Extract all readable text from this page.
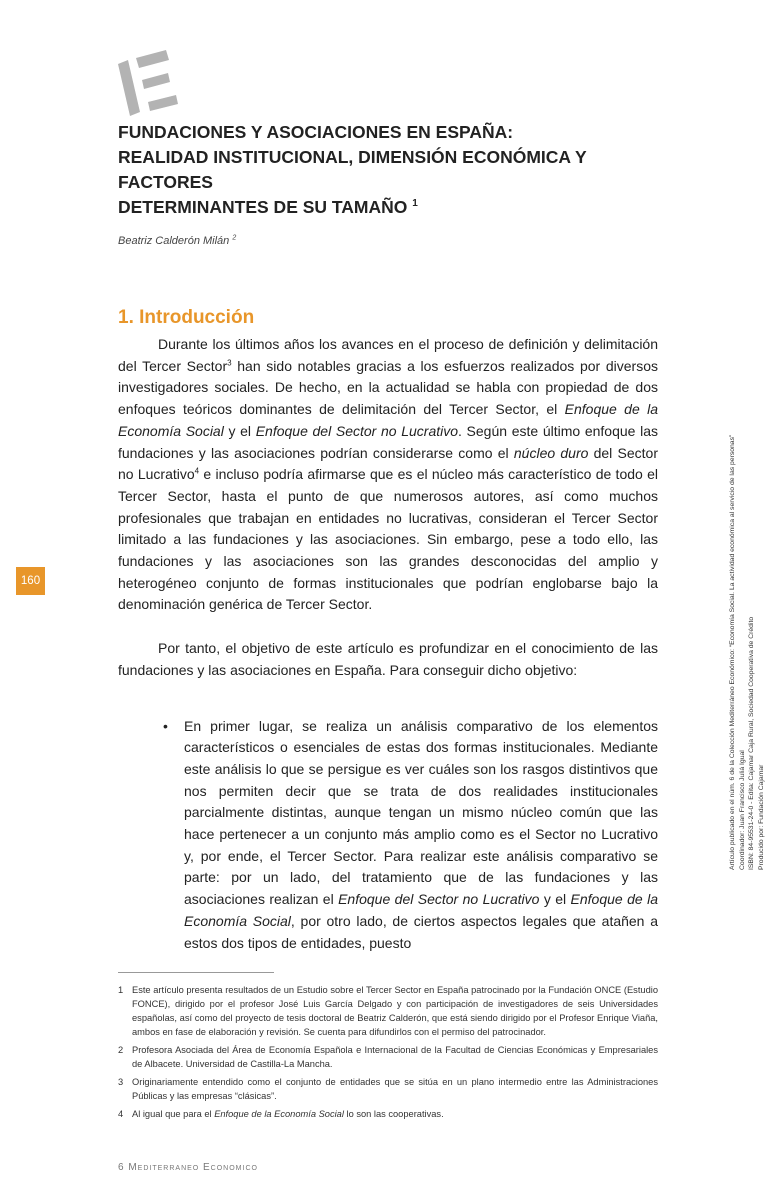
160	Artículo publicado en el núm. 6 de la Colección Mediterráneo Económico: “Economía Social. La actividad económica al servicio de las personas” Coordinador: Juan Francisco Juliá Igual ISBN: 84-95531-24-0 - Edita: Cajamar Caja Rural, Sociedad Cooperativa de Crédito Producido por: Fundación Cajamar
FUNDACIONES Y ASOCIACIONES EN ESPAÑA:
REALIDAD INSTITUCIONAL, DIMENSIÓN ECONÓMICA Y FACTORES
DETERMINANTES DE SU TAMAÑO $^1$
Beatriz Calderón Milán $^2$
1. Introducción
Durante los últimos años los avances en el proceso de definición y delimitación del Tercer Sector$^3$ han sido notables gracias a los esfuerzos realizados por diversos investigadores sociales. De hecho, en la actualidad se habla con propiedad de dos enfoques teóricos dominantes de delimitación del Tercer Sector, el Enfoque de la Economía Social y el Enfoque del Sector no Lucrativo. Según este último enfoque las fundaciones y las asociaciones podrían considerarse como el núcleo duro del Sector no Lucrativo$^4$ e incluso podría afirmarse que es el núcleo más característico de todo el Tercer Sector, hasta el punto de que numerosos autores, así como muchos profesionales que trabajan en entidades no lucrativas, consideran el Tercer Sector limitado a las fundaciones y las asociaciones. Sin embargo, pese a todo ello, las fundaciones y las asociaciones son las grandes desconocidas del amplio y heterogéneo conjunto de formas institucionales que podrían englobarse bajo la denominación genérica de Tercer Sector.
Por tanto, el objetivo de este artículo es profundizar en el conocimiento de las fundaciones y las asociaciones en España. Para conseguir dicho objetivo:
•	En primer lugar, se realiza un análisis comparativo de los elementos característicos o esenciales de estas dos formas institucionales. Mediante este análisis lo que se persigue es ver cuáles son los rasgos distintivos que nos permiten decir que se trata de dos realidades institucionales parcialmente distintas, aunque tengan un mismo núcleo común que las hace pertenecer a un conjunto más amplio como es el Sector no Lucrativo y, por ende, el Tercer Sector. Para realizar este análisis comparativo se parte: por un lado, del tratamiento que de las fundaciones y las asociaciones realizan el Enfoque del Sector no Lucrativo y el Enfoque de la Economía Social, por otro lado, de ciertos aspectos legales que atañen a estos dos tipos de entidades, puesto
1 Este artículo presenta resultados de un Estudio sobre el Tercer Sector en España patrocinado por la Fundación ONCE (Estudio FONCE), dirigido por el profesor José Luis García Delgado y con participación de investigadores de seis Universidades españolas, así como del proyecto de tesis doctoral de Beatriz Calderón, que está siendo dirigido por el Profesor Enrique Viaña, ambos en fase de elaboración y revisión. Se cuenta para difundirlos con el permiso del patrocinador.
2 Profesora Asociada del Área de Economía Española e Internacional de la Facultad de Ciencias Económicas y Empresariales de Albacete. Universidad de Castilla-La Mancha.
3 Originariamente entendido como el conjunto de entidades que se sitúa en un plano intermedio entre las Administraciones Públicas y las empresas “clásicas”.
4 Al igual que para el Enfoque de la Economía Social lo son las cooperativas.
6 Mediterraneo Economico
